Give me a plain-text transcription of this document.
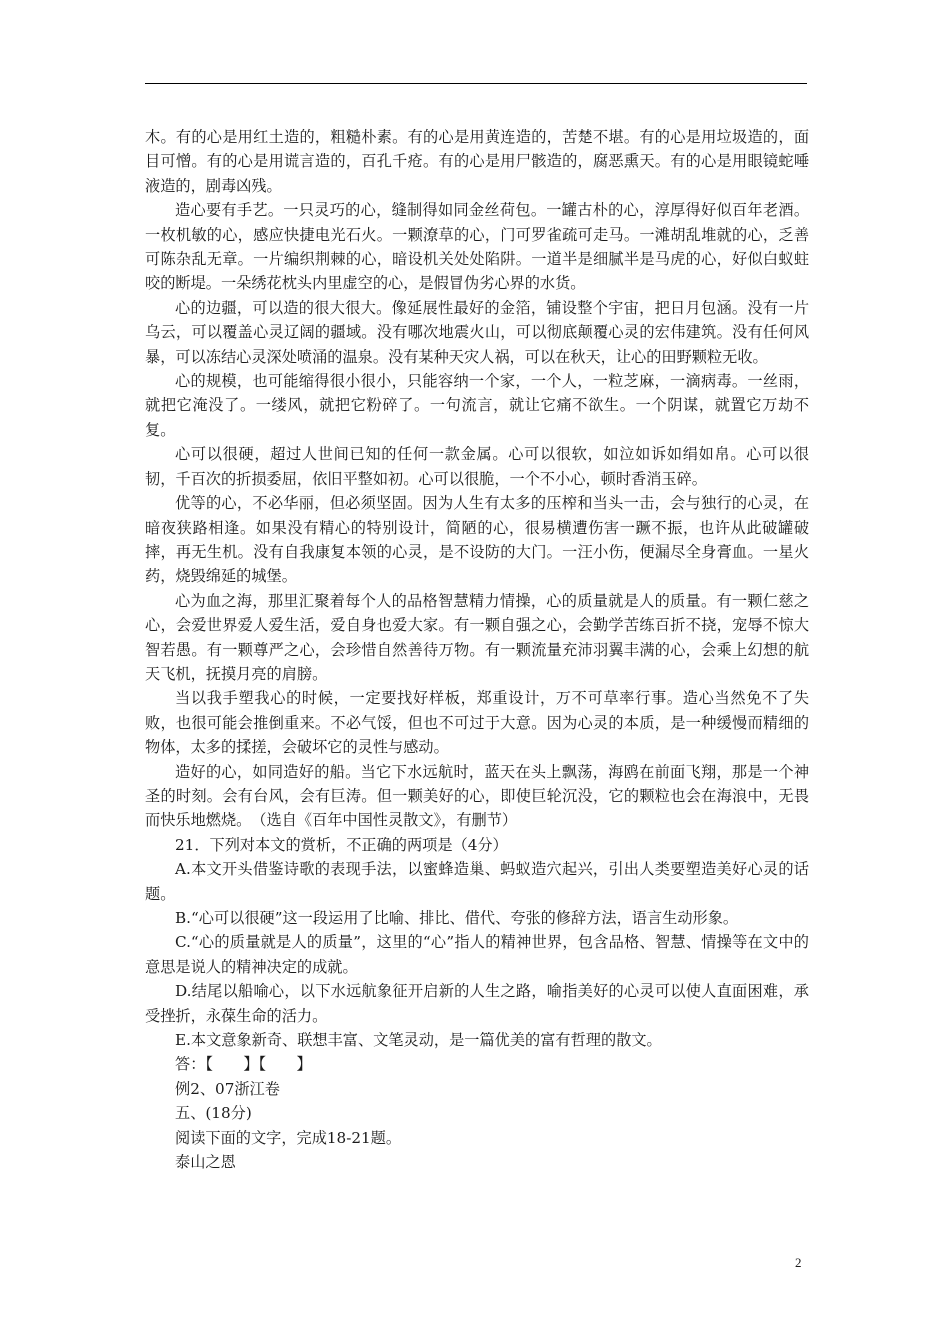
木。有的心是用红土造的，粗糙朴素。有的心是用黄连造的，苦楚不堪。有的心是用垃圾造的，面目可憎。有的心是用谎言造的，百孔千疮。有的心是用尸骸造的，腐恶熏天。有的心是用眼镜蛇唾液造的，剧毒凶残。

造心要有手艺。一只灵巧的心，缝制得如同金丝荷包。一罐古朴的心，淳厚得好似百年老酒。一枚机敏的心，感应快捷电光石火。一颗潦草的心，门可罗雀疏可走马。一滩胡乱堆就的心，乏善可陈杂乱无章。一片编织荆棘的心，暗设机关处处陷阱。一道半是细腻半是马虎的心，好似白蚁蛀咬的断堤。一朵绣花枕头内里虚空的心，是假冒伪劣心界的水货。

心的边疆，可以造的很大很大。像延展性最好的金箔，铺设整个宇宙，把日月包涵。没有一片乌云，可以覆盖心灵辽阔的疆域。没有哪次地震火山，可以彻底颠覆心灵的宏伟建筑。没有任何风暴，可以冻结心灵深处喷涌的温泉。没有某种天灾人祸，可以在秋天，让心的田野颗粒无收。

心的规模，也可能缩得很小很小，只能容纳一个家，一个人，一粒芝麻，一滴病毒。一丝雨，就把它淹没了。一缕风，就把它粉碎了。一句流言，就让它痛不欲生。一个阴谋，就置它万劫不复。

心可以很硬，超过人世间已知的任何一款金属。心可以很软，如泣如诉如绢如帛。心可以很韧，千百次的折损委屈，依旧平整如初。心可以很脆，一个不小心，顿时香消玉碎。

优等的心，不必华丽，但必须坚固。因为人生有太多的压榨和当头一击，会与独行的心灵，在暗夜狭路相逢。如果没有精心的特别设计，简陋的心，很易横遭伤害一蹶不振，也许从此破罐破摔，再无生机。没有自我康复本领的心灵，是不设防的大门。一汪小伤，便漏尽全身膏血。一星火药，烧毁绵延的城堡。

心为血之海，那里汇聚着每个人的品格智慧精力情操，心的质量就是人的质量。有一颗仁慈之心，会爱世界爱人爱生活，爱自身也爱大家。有一颗自强之心，会勤学苦练百折不挠，宠辱不惊大智若愚。有一颗尊严之心，会珍惜自然善待万物。有一颗流量充沛羽翼丰满的心，会乘上幻想的航天飞机，抚摸月亮的肩膀。

当以我手塑我心的时候，一定要找好样板，郑重设计，万不可草率行事。造心当然免不了失败，也很可能会推倒重来。不必气馁，但也不可过于大意。因为心灵的本质，是一种缓慢而精细的物体，太多的揉搓，会破坏它的灵性与感动。

造好的心，如同造好的船。当它下水远航时，蓝天在头上飘荡，海鸥在前面飞翔，那是一个神圣的时刻。会有台风，会有巨涛。但一颗美好的心，即使巨轮沉没，它的颗粒也会在海浪中，无畏而快乐地燃烧。　（选自《百年中国性灵散文》，有删节）

21．下列对本文的赏析，不正确的两项是（4分）

A.本文开头借鉴诗歌的表现手法，以蜜蜂造巢、蚂蚁造穴起兴，引出人类要塑造美好心灵的话题。

B.“心可以很硬”这一段运用了比喻、排比、借代、夸张的修辞方法，语言生动形象。

C.“心的质量就是人的质量”，这里的“心”指人的精神世界，包含品格、智慧、情操等在文中的意思是说人的精神决定的成就。

D.结尾以船喻心，以下水远航象征开启新的人生之路，喻指美好的心灵可以使人直面困难，承受挫折，永葆生命的活力。

E.本文意象新奇、联想丰富、文笔灵动，是一篇优美的富有哲理的散文。

答：【　　】【　　】

例2、07浙江卷

五、(18分)

阅读下面的文字，完成18-21题。

泰山之恩

2
